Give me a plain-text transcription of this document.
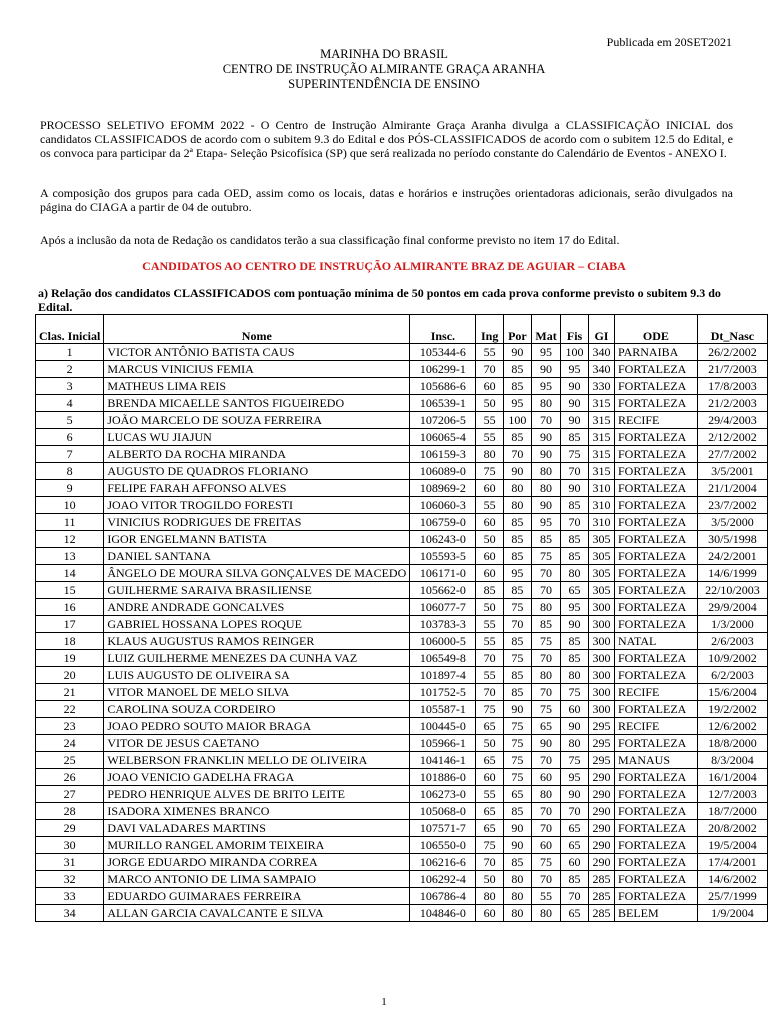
Publicada em 20SET2021
MARINHA DO BRASIL
CENTRO DE INSTRUÇÃO ALMIRANTE GRAÇA ARANHA
SUPERINTENDÊNCIA DE ENSINO
PROCESSO SELETIVO EFOMM 2022 - O Centro de Instrução Almirante Graça Aranha divulga a CLASSIFICAÇÃO INICIAL dos candidatos CLASSIFICADOS de acordo com o subitem 9.3 do Edital e dos PÓS-CLASSIFICADOS de acordo com o subitem 12.5 do Edital, e os convoca para participar da 2ª Etapa- Seleção Psicofísica (SP) que será realizada no período constante do Calendário de Eventos - ANEXO I.
A composição dos grupos para cada OED, assim como os locais, datas e horários e instruções orientadoras adicionais, serão divulgados na página do CIAGA a partir de 04 de outubro.
Após a inclusão da nota de Redação os candidatos terão a sua classificação final conforme previsto no item 17 do Edital.
CANDIDATOS AO CENTRO DE INSTRUÇÃO ALMIRANTE BRAZ DE AGUIAR – CIABA
a) Relação dos candidatos CLASSIFICADOS com pontuação mínima de 50 pontos em cada prova conforme previsto o subitem 9.3 do Edital.
Clas. Inicial	Nome	Insc.	Ing	Por	Mat	Fis	GI	ODE	Dt_Nasc
1	VICTOR ANTÔNIO BATISTA CAUS	105344-6	55	90	95	100	340	PARNAIBA	26/2/2002
2	MARCUS VINICIUS FEMIA	106299-1	70	85	90	95	340	FORTALEZA	21/7/2003
3	MATHEUS LIMA REIS	105686-6	60	85	95	90	330	FORTALEZA	17/8/2003
4	BRENDA MICAELLE SANTOS FIGUEIREDO	106539-1	50	95	80	90	315	FORTALEZA	21/2/2003
5	JOÃO MARCELO DE SOUZA FERREIRA	107206-5	55	100	70	90	315	RECIFE	29/4/2003
6	LUCAS WU JIAJUN	106065-4	55	85	90	85	315	FORTALEZA	2/12/2002
7	ALBERTO DA ROCHA MIRANDA	106159-3	80	70	90	75	315	FORTALEZA	27/7/2002
8	AUGUSTO DE QUADROS FLORIANO	106089-0	75	90	80	70	315	FORTALEZA	3/5/2001
9	FELIPE FARAH AFFONSO ALVES	108969-2	60	80	80	90	310	FORTALEZA	21/1/2004
10	JOAO VITOR TROGILDO FORESTI	106060-3	55	80	90	85	310	FORTALEZA	23/7/2002
11	VINICIUS RODRIGUES DE FREITAS	106759-0	60	85	95	70	310	FORTALEZA	3/5/2000
12	IGOR ENGELMANN BATISTA	106243-0	50	85	85	85	305	FORTALEZA	30/5/1998
13	DANIEL SANTANA	105593-5	60	85	75	85	305	FORTALEZA	24/2/2001
14	ÂNGELO DE MOURA SILVA GONÇALVES DE MACEDO	106171-0	60	95	70	80	305	FORTALEZA	14/6/1999
15	GUILHERME SARAIVA BRASILIENSE	105662-0	85	85	70	65	305	FORTALEZA	22/10/2003
16	ANDRE ANDRADE GONCALVES	106077-7	50	75	80	95	300	FORTALEZA	29/9/2004
17	GABRIEL HOSSANA LOPES ROQUE	103783-3	55	70	85	90	300	FORTALEZA	1/3/2000
18	KLAUS AUGUSTUS RAMOS REINGER	106000-5	55	85	75	85	300	NATAL	2/6/2003
19	LUIZ GUILHERME MENEZES DA CUNHA VAZ	106549-8	70	75	70	85	300	FORTALEZA	10/9/2002
20	LUIS AUGUSTO DE OLIVEIRA SA	101897-4	55	85	80	80	300	FORTALEZA	6/2/2003
21	VITOR MANOEL DE MELO SILVA	101752-5	70	85	70	75	300	RECIFE	15/6/2004
22	CAROLINA SOUZA CORDEIRO	105587-1	75	90	75	60	300	FORTALEZA	19/2/2002
23	JOAO PEDRO SOUTO MAIOR BRAGA	100445-0	65	75	65	90	295	RECIFE	12/6/2002
24	VITOR DE JESUS CAETANO	105966-1	50	75	90	80	295	FORTALEZA	18/8/2000
25	WELBERSON FRANKLIN MELLO DE OLIVEIRA	104146-1	65	75	70	75	295	MANAUS	8/3/2004
26	JOAO VENICIO GADELHA FRAGA	101886-0	60	75	60	95	290	FORTALEZA	16/1/2004
27	PEDRO HENRIQUE ALVES DE BRITO LEITE	106273-0	55	65	80	90	290	FORTALEZA	12/7/2003
28	ISADORA XIMENES BRANCO	105068-0	65	85	70	70	290	FORTALEZA	18/7/2000
29	DAVI VALADARES MARTINS	107571-7	65	90	70	65	290	FORTALEZA	20/8/2002
30	MURILLO RANGEL AMORIM TEIXEIRA	106550-0	75	90	60	65	290	FORTALEZA	19/5/2004
31	JORGE EDUARDO MIRANDA CORREA	106216-6	70	85	75	60	290	FORTALEZA	17/4/2001
32	MARCO ANTONIO DE LIMA SAMPAIO	106292-4	50	80	70	85	285	FORTALEZA	14/6/2002
33	EDUARDO GUIMARAES FERREIRA	106786-4	80	80	55	70	285	FORTALEZA	25/7/1999
34	ALLAN GARCIA CAVALCANTE E SILVA	104846-0	60	80	80	65	285	BELEM	1/9/2004
1
